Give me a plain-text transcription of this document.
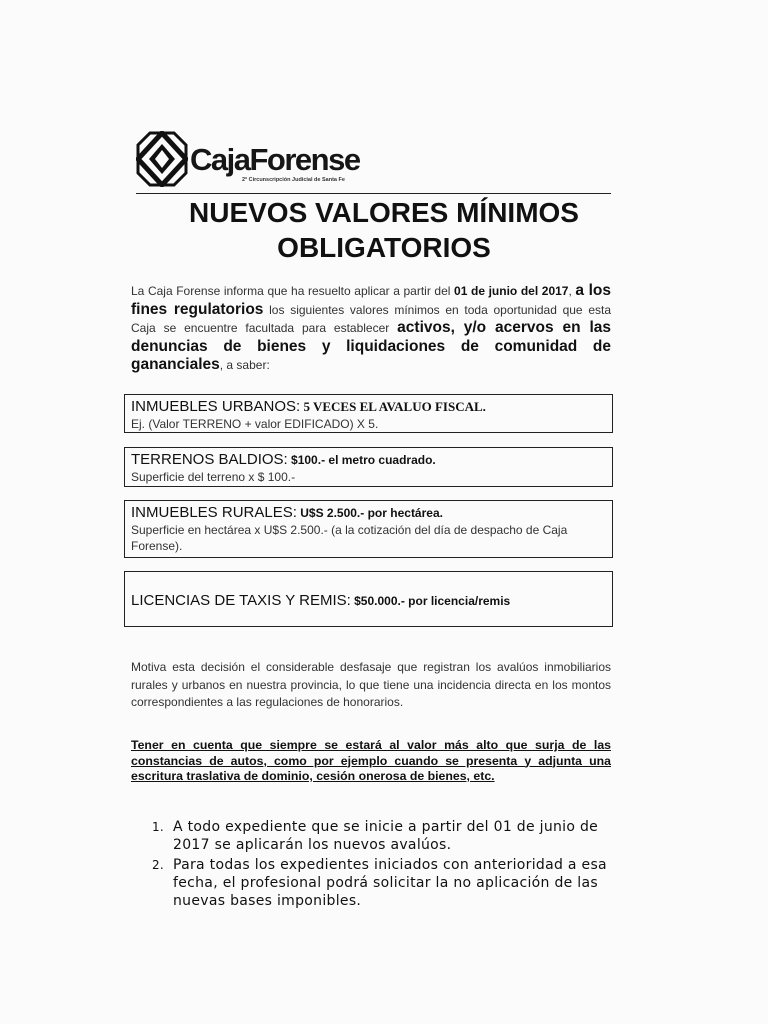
CajaForense
2ª Circunscripción Judicial de Santa Fe
NUEVOS VALORES MÍNIMOS
OBLIGATORIOS
La Caja Forense informa que ha resuelto aplicar a partir del 01 de junio del 2017, a los fines regulatorios los siguientes valores mínimos en toda oportunidad que esta Caja se encuentre facultada para establecer activos, y/o acervos en las denuncias de bienes y liquidaciones de comunidad de gananciales, a saber:
INMUEBLES URBANOS: 5 VECES EL AVALUO FISCAL.
Ej. (Valor TERRENO + valor EDIFICADO) X 5.
TERRENOS BALDIOS: $100.- el metro cuadrado.
Superficie del terreno x $ 100.-
INMUEBLES RURALES: U$S 2.500.- por hectárea.
Superficie en hectárea x U$S 2.500.- (a la cotización del día de despacho de Caja Forense).
LICENCIAS DE TAXIS Y REMIS: $50.000.- por licencia/remis
Motiva esta decisión el considerable desfasaje que registran los avalúos inmobiliarios rurales y urbanos en nuestra provincia, lo que tiene una incidencia directa en los montos correspondientes a las regulaciones de honorarios.
Tener en cuenta que siempre se estará al valor más alto que surja de las constancias de autos, como por ejemplo cuando se presenta y adjunta una escritura traslativa de dominio, cesión onerosa de bienes, etc.
1. A todo expediente que se inicie a partir del 01 de junio de 2017 se aplicarán los nuevos avalúos.
2. Para todas los expedientes iniciados con anterioridad a esa fecha, el profesional podrá solicitar la no aplicación de las nuevas bases imponibles.
